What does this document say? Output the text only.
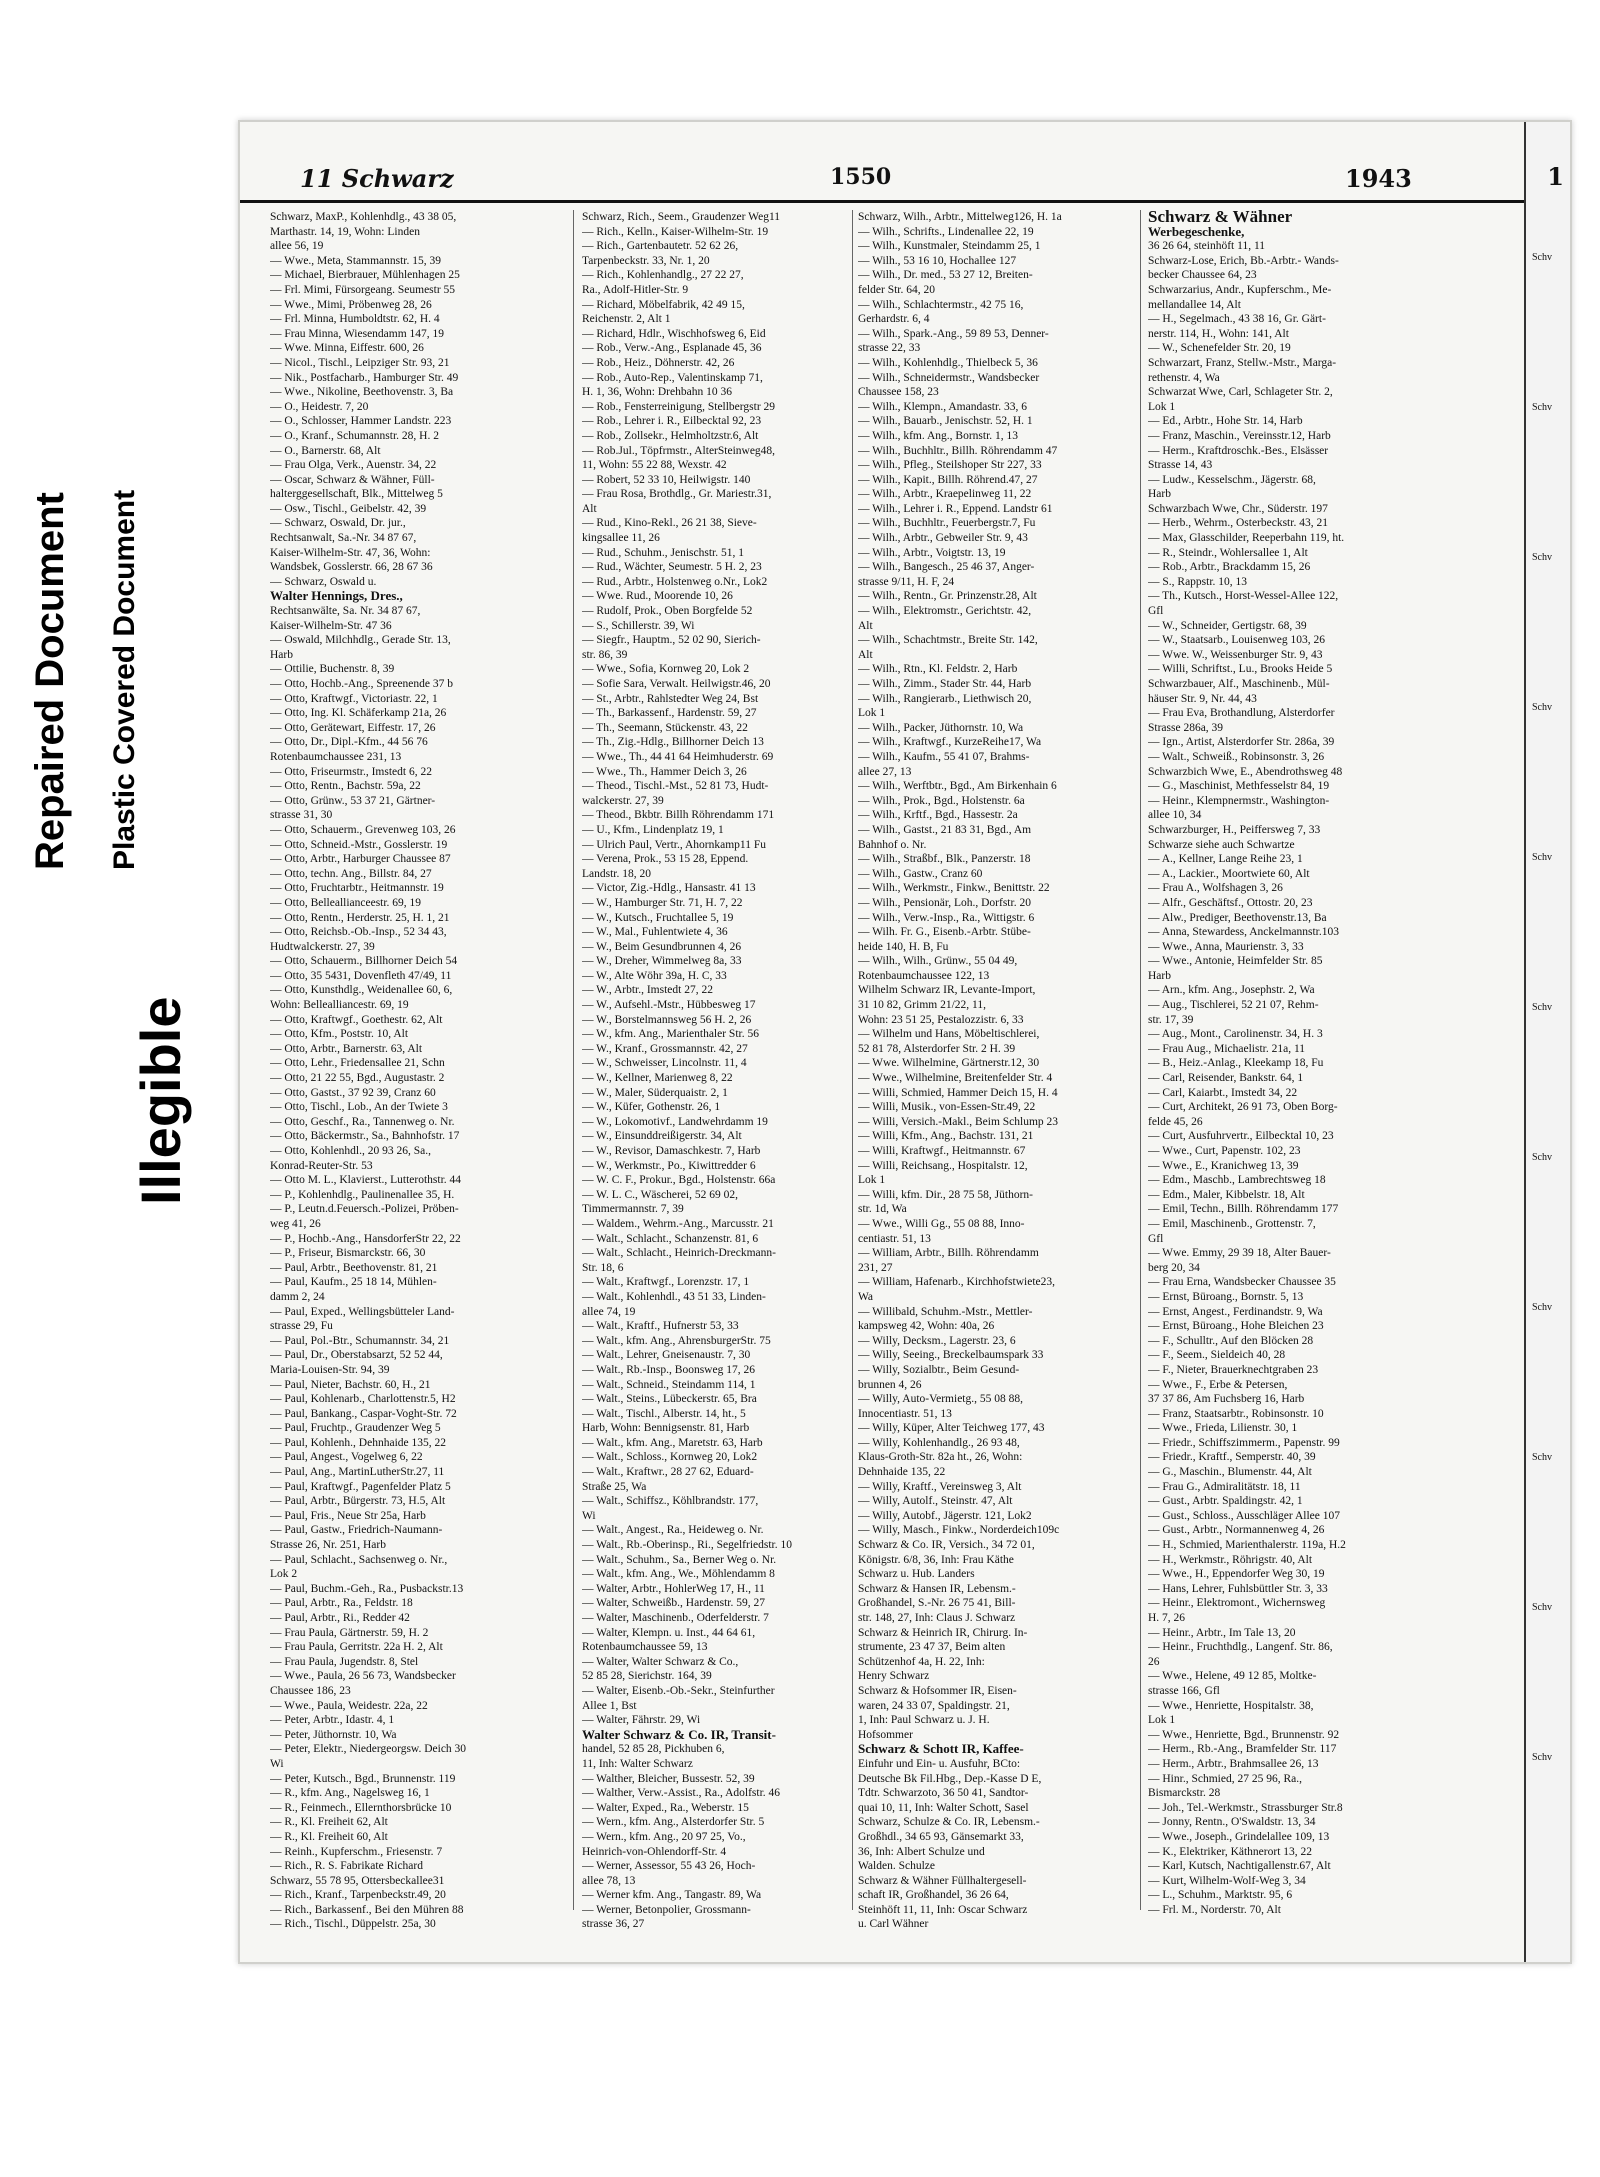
Repaired Document Plastic Covered Document
Illegible
11 Schwarz	1550	1943
Schwarz, MaxP., Kohlenhdlg., 43 38 05,
Marthastr. 14, 19, Wohn: Linden
allee 56, 19
— Wwe., Meta, Stammannstr. 15, 39
— Michael, Bierbrauer, Mühlenhagen 25
— Frl. Mimi, Fürsorgeang. Seumestr 55
— Wwe., Mimi, Pröbenweg 28, 26
— Frl. Minna, Humboldtstr. 62, H. 4
— Frau Minna, Wiesendamm 147, 19
— Wwe. Minna, Eiffestr. 600, 26
— Nicol., Tischl., Leipziger Str. 93, 21
— Nik., Postfacharb., Hamburger Str. 49
— Wwe., Nikoline, Beethovenstr. 3, Ba
— O., Heidestr. 7, 20
— O., Schlosser, Hammer Landstr. 223
— O., Kranf., Schumannstr. 28, H. 2
— O., Barnerstr. 68, Alt
— Frau Olga, Verk., Auenstr. 34, 22
— Oscar, Schwarz & Wähner, Füll-
halterggesellschaft, Blk., Mittelweg 5
— Osw., Tischl., Geibelstr. 42, 39
— Schwarz, Oswald, Dr. jur.,
Rechtsanwalt, Sa.-Nr. 34 87 67,
Kaiser-Wilhelm-Str. 47, 36, Wohn:
Wandsbek, Gosslerstr. 66, 28 67 36
— Schwarz, Oswald u.
Walter Hennings, Dres.,
Rechtsanwälte, Sa. Nr. 34 87 67,
Kaiser-Wilhelm-Str. 47 36
— Oswald, Milchhdlg., Gerade Str. 13,
Harb
— Ottilie, Buchenstr. 8, 39
— Otto, Hochb.-Ang., Spreenende 37 b
— Otto, Kraftwgf., Victoriastr. 22, 1
— Otto, Ing. Kl. Schäferkamp 21a, 26
— Otto, Gerätewart, Eiffestr. 17, 26
— Otto, Dr., Dipl.-Kfm., 44 56 76
Rotenbaumchaussee 231, 13
— Otto, Friseurmstr., Imstedt 6, 22
— Otto, Rentn., Bachstr. 59a, 22
— Otto, Grünw., 53 37 21, Gärtner-
strasse 31, 30
— Otto, Schauerm., Grevenweg 103, 26
— Otto, Schneid.-Mstr., Gosslerstr. 19
— Otto, Arbtr., Harburger Chaussee 87
— Otto, techn. Ang., Billstr. 84, 27
— Otto, Fruchtarbtr., Heitmannstr. 19
— Otto, Belleallianceestr. 69, 19
— Otto, Rentn., Herderstr. 25, H. 1, 21
— Otto, Reichsb.-Ob.-Insp., 52 34 43,
Hudtwalckerstr. 27, 39
— Otto, Schauerm., Billhorner Deich 54
— Otto, 35 5431, Dovenfleth 47/49, 11
— Otto, Kunsthdlg., Weidenallee 60, 6,
Wohn: Bellealliancestr. 69, 19
— Otto, Kraftwgf., Goethestr. 62, Alt
— Otto, Kfm., Poststr. 10, Alt
— Otto, Arbtr., Barnerstr. 63, Alt
— Otto, Lehr., Friedensallee 21, Schn
— Otto, 21 22 55, Bgd., Augustastr. 2
— Otto, Gastst., 37 92 39, Cranz 60
— Otto, Tischl., Lob., An der Twiete 3
— Otto, Geschf., Ra., Tannenweg o. Nr.
— Otto, Bäckermstr., Sa., Bahnhofstr. 17
— Otto, Kohlenhdl., 20 93 26, Sa.,
Konrad-Reuter-Str. 53
— Otto M. L., Klavierst., Lutterothstr. 44
— P., Kohlenhdlg., Paulinenallee 35, H.
— P., Leutn.d.Feuersch.-Polizei, Pröben-
weg 41, 26
— P., Hochb.-Ang., HansdorferStr 22, 22
— P., Friseur, Bismarckstr. 66, 30
— Paul, Arbtr., Beethovenstr. 81, 21
— Paul, Kaufm., 25 18 14, Mühlen-
damm 2, 24
— Paul, Exped., Wellingsbütteler Land-
strasse 29, Fu
— Paul, Pol.-Btr., Schumannstr. 34, 21
— Paul, Dr., Oberstabsarzt, 52 52 44,
Maria-Louisen-Str. 94, 39
— Paul, Nieter, Bachstr. 60, H., 21
— Paul, Kohlenarb., Charlottenstr.5, H2
— Paul, Bankang., Caspar-Voght-Str. 72
— Paul, Fruchtp., Graudenzer Weg 5
— Paul, Kohlenh., Dehnhaide 135, 22
— Paul, Angest., Vogelweg 6, 22
— Paul, Ang., MartinLutherStr.27, 11
— Paul, Kraftwgf., Pagenfelder Platz 5
— Paul, Arbtr., Bürgerstr. 73, H.5, Alt
— Paul, Fris., Neue Str 25a, Harb
— Paul, Gastw., Friedrich-Naumann-
Strasse 26, Nr. 251, Harb
— Paul, Schlacht., Sachsenweg o. Nr.,
Lok 2
— Paul, Buchm.-Geh., Ra., Pusbackstr.13
— Paul, Arbtr., Ra., Feldstr. 18
— Paul, Arbtr., Ri., Redder 42
— Frau Paula, Gärtnerstr. 59, H. 2
— Frau Paula, Gerritstr. 22a H. 2, Alt
— Frau Paula, Jugendstr. 8, Stel
— Wwe., Paula, 26 56 73, Wandsbecker
Chaussee 186, 23
— Wwe., Paula, Weidestr. 22a, 22
— Peter, Arbtr., Idastr. 4, 1
— Peter, Jüthornstr. 10, Wa
— Peter, Elektr., Niedergeorgsw. Deich 30
Wi
— Peter, Kutsch., Bgd., Brunnenstr. 119
— R., kfm. Ang., Nagelsweg 16, 1
— R., Feinmech., Ellernthorsbrücke 10
— R., Kl. Freiheit 62, Alt
— R., Kl. Freiheit 60, Alt
— Reinh., Kupferschm., Friesenstr. 7
— Rich., R. S. Fabrikate Richard
Schwarz, 55 78 95, Ottersbeckallee31
— Rich., Kranf., Tarpenbeckstr.49, 20
— Rich., Barkassenf., Bei den Mühren 88
— Rich., Tischl., Düppelstr. 25a, 30
Schwarz, Rich., Seem., Graudenzer Weg11
— Rich., Kelln., Kaiser-Wilhelm-Str. 19
— Rich., Gartenbautetr. 52 62 26,
Tarpenbeckstr. 33, Nr. 1, 20
— Rich., Kohlenhandlg., 27 22 27,
Ra., Adolf-Hitler-Str. 9
— Richard, Möbelfabrik, 42 49 15,
Reichenstr. 2, Alt 1
— Richard, Hdlr., Wischhofsweg 6, Eid
— Rob., Verw.-Ang., Esplanade 45, 36
— Rob., Heiz., Döhnerstr. 42, 26
— Rob., Auto-Rep., Valentinskamp 71,
H. 1, 36, Wohn: Drehbahn 10 36
— Rob., Fensterreinigung, Stellbergstr 29
— Rob., Lehrer i. R., Eilbecktal 92, 23
— Rob., Zollsekr., Helmholtzstr.6, Alt
— Rob.Jul., Töpfrmstr., AlterSteinweg48,
11, Wohn: 55 22 88, Wexstr. 42
— Robert, 52 33 10, Heilwigstr. 140
— Frau Rosa, Brothdlg., Gr. Mariestr.31,
Alt
— Rud., Kino-Rekl., 26 21 38, Sieve-
kingsallee 11, 26
— Rud., Schuhm., Jenischstr. 51, 1
— Rud., Wächter, Seumestr. 5 H. 2, 23
— Rud., Arbtr., Holstenweg o.Nr., Lok2
— Wwe. Rud., Moorende 10, 26
— Rudolf, Prok., Oben Borgfelde 52
— S., Schillerstr. 39, Wi
— Siegfr., Hauptm., 52 02 90, Sierich-
str. 86, 39
— Wwe., Sofia, Kornweg 20, Lok 2
— Sofie Sara, Verwalt. Heilwigstr.46, 20
— St., Arbtr., Rahlstedter Weg 24, Bst
— Th., Barkassenf., Hardenstr. 59, 27
— Th., Seemann, Stückenstr. 43, 22
— Th., Zig.-Hdlg., Billhorner Deich 13
— Wwe., Th., 44 41 64 Heimhuderstr. 69
— Wwe., Th., Hammer Deich 3, 26
— Theod., Tischl.-Mst., 52 81 73, Hudt-
walckerstr. 27, 39
— Theod., Bkbtr. Billh Röhrendamm 171
— U., Kfm., Lindenplatz 19, 1
— Ulrich Paul, Vertr., Ahornkamp11 Fu
— Verena, Prok., 53 15 28, Eppend.
Landstr. 18, 20
— Victor, Zig.-Hdlg., Hansastr. 41 13
— W., Hamburger Str. 71, H. 7, 22
— W., Kutsch., Fruchtallee 5, 19
— W., Mal., Fuhlentwiete 4, 36
— W., Beim Gesundbrunnen 4, 26
— W., Dreher, Wimmelweg 8a, 33
— W., Alte Wöhr 39a, H. C, 33
— W., Arbtr., Imstedt 27, 22
— W., Aufsehl.-Mstr., Hübbesweg 17
— W., Borstelmannsweg 56 H. 2, 26
— W., kfm. Ang., Marienthaler Str. 56
— W., Kranf., Grossmannstr. 42, 27
— W., Schweisser, Lincolnstr. 11, 4
— W., Kellner, Marienweg 8, 22
— W., Maler, Süderquaistr. 2, 1
— W., Küfer, Gothenstr. 26, 1
— W., Lokomotivf., Landwehrdamm 19
— W., Einsunddreißigerstr. 34, Alt
— W., Revisor, Damaschkestr. 7, Harb
— W., Werkmstr., Po., Kiwittredder 6
— W. C. F., Prokur., Bgd., Holstenstr. 66a
— W. L. C., Wäscherei, 52 69 02,
Timmermannstr. 7, 39
— Waldem., Wehrm.-Ang., Marcusstr. 21
— Walt., Schlacht., Schanzenstr. 81, 6
— Walt., Schlacht., Heinrich-Dreckmann-
Str. 18, 6
— Walt., Kraftwgf., Lorenzstr. 17, 1
— Walt., Kohlenhdl., 43 51 33, Linden-
allee 74, 19
— Walt., Kraftf., Hufnerstr 53, 33
— Walt., kfm. Ang., AhrensburgerStr. 75
— Walt., Lehrer, Gneisenaustr. 7, 30
— Walt., Rb.-Insp., Boonsweg 17, 26
— Walt., Schneid., Steindamm 114, 1
— Walt., Steins., Lübeckerstr. 65, Bra
— Walt., Tischl., Alberstr. 14, ht., 5
Harb, Wohn: Bennigsenstr. 81, Harb
— Walt., kfm. Ang., Maretstr. 63, Harb
— Walt., Schloss., Kornweg 20, Lok2
— Walt., Kraftwr., 28 27 62, Eduard-
Straße 25, Wa
— Walt., Schiffsz., Köhlbrandstr. 177,
Wi
— Walt., Angest., Ra., Heideweg o. Nr.
— Walt., Rb.-Oberinsp., Ri., Segelfriedstr. 10
— Walt., Schuhm., Sa., Berner Weg o. Nr.
— Walt., kfm. Ang., We., Möhlendamm 8
— Walter, Arbtr., HohlerWeg 17, H., 11
— Walter, Schweißb., Hardenstr. 59, 27
— Walter, Maschinenb., Oderfelderstr. 7
— Walter, Klempn. u. Inst., 44 64 61,
Rotenbaumchaussee 59, 13
— Walter, Walter Schwarz & Co.,
52 85 28, Sierichstr. 164, 39
— Walter, Eisenb.-Ob.-Sekr., Steinfurther
Allee 1, Bst
— Walter, Fährstr. 29, Wi
Walter Schwarz & Co. IR, Transit-
handel, 52 85 28, Pickhuben 6,
11, Inh: Walter Schwarz
— Walther, Bleicher, Bussestr. 52, 39
— Walther, Verw.-Assist., Ra., Adolfstr. 46
— Walter, Exped., Ra., Weberstr. 15
— Wern., kfm. Ang., Alsterdorfer Str. 5
— Wern., kfm. Ang., 20 97 25, Vo.,
Heinrich-von-Ohlendorff-Str. 4
— Werner, Assessor, 55 43 26, Hoch-
allee 78, 13
— Werner kfm. Ang., Tangastr. 89, Wa
— Werner, Betonpolier, Grossmann-
strasse 36, 27
Schwarz, Wilh., Arbtr., Mittelweg126, H. 1a
— Wilh., Schrifts., Lindenallee 22, 19
— Wilh., Kunstmaler, Steindamm 25, 1
— Wilh., 53 16 10, Hochallee 127
— Wilh., Dr. med., 53 27 12, Breiten-
felder Str. 64, 20
— Wilh., Schlachtermstr., 42 75 16,
Gerhardstr. 6, 4
— Wilh., Spark.-Ang., 59 89 53, Denner-
strasse 22, 33
— Wilh., Kohlenhdlg., Thielbeck 5, 36
— Wilh., Schneidermstr., Wandsbecker
Chaussee 158, 23
— Wilh., Klempn., Amandastr. 33, 6
— Wilh., Bauarb., Jenischstr. 52, H. 1
— Wilh., kfm. Ang., Bornstr. 1, 13
— Wilh., Buchhltr., Billh. Röhrendamm 47
— Wilh., Pfleg., Steilshoper Str 227, 33
— Wilh., Kapit., Billh. Röhrend.47, 27
— Wilh., Arbtr., Kraepelinweg 11, 22
— Wilh., Lehrer i. R., Eppend. Landstr 61
— Wilh., Buchhltr., Feuerbergstr.7, Fu
— Wilh., Arbtr., Gebweiler Str. 9, 43
— Wilh., Arbtr., Voigtstr. 13, 19
— Wilh., Bangesch., 25 46 37, Anger-
strasse 9/11, H. F, 24
— Wilh., Rentn., Gr. Prinzenstr.28, Alt
— Wilh., Elektromstr., Gerichtstr. 42,
Alt
— Wilh., Schachtmstr., Breite Str. 142,
Alt
— Wilh., Rtn., Kl. Feldstr. 2, Harb
— Wilh., Zimm., Stader Str. 44, Harb
— Wilh., Rangierarb., Liethwisch 20,
Lok 1
— Wilh., Packer, Jüthornstr. 10, Wa
— Wilh., Kraftwgf., KurzeReihe17, Wa
— Wilh., Kaufm., 55 41 07, Brahms-
allee 27, 13
— Wilh., Werftbtr., Bgd., Am Birkenhain 6
— Wilh., Prok., Bgd., Holstenstr. 6a
— Wilh., Krftf., Bgd., Hassestr. 2a
— Wilh., Gastst., 21 83 31, Bgd., Am
Bahnhof o. Nr.
— Wilh., Straßbf., Blk., Panzerstr. 18
— Wilh., Gastw., Cranz 60
— Wilh., Werkmstr., Finkw., Benittstr. 22
— Wilh., Pensionär, Loh., Dorfstr. 20
— Wilh., Verw.-Insp., Ra., Wittigstr. 6
— Wilh. Fr. G., Eisenb.-Arbtr. Stübe-
heide 140, H. B, Fu
— Wilh., Wilh., Grünw., 55 04 49,
Rotenbaumchaussee 122, 13
Wilhelm Schwarz IR, Levante-Import,
31 10 82, Grimm 21/22, 11,
Wohn: 23 51 25, Pestalozzistr. 6, 33
— Wilhelm und Hans, Möbeltischlerei,
52 81 78, Alsterdorfer Str. 2 H. 39
— Wwe. Wilhelmine, Gärtnerstr.12, 30
— Wwe., Wilhelmine, Breitenfelder Str. 4
— Willi, Schmied, Hammer Deich 15, H. 4
— Willi, Musik., von-Essen-Str.49, 22
— Willi, Versich.-Makl., Beim Schlump 23
— Willi, Kfm., Ang., Bachstr. 131, 21
— Willi, Kraftwgf., Heitmannstr. 67
— Willi, Reichsang., Hospitalstr. 12,
Lok 1
— Willi, kfm. Dir., 28 75 58, Jüthorn-
str. 1d, Wa
— Wwe., Willi Gg., 55 08 88, Inno-
centiastr. 51, 13
— William, Arbtr., Billh. Röhrendamm
231, 27
— William, Hafenarb., Kirchhofstwiete23,
Wa
— Willibald, Schuhm.-Mstr., Mettler-
kampsweg 42, Wohn: 40a, 26
— Willy, Decksm., Lagerstr. 23, 6
— Willy, Seeing., Breckelbaumspark 33
— Willy, Sozialbtr., Beim Gesund-
brunnen 4, 26
— Willy, Auto-Vermietg., 55 08 88,
Innocentiastr. 51, 13
— Willy, Küper, Alter Teichweg 177, 43
— Willy, Kohlenhandlg., 26 93 48,
Klaus-Groth-Str. 82a ht., 26, Wohn:
Dehnhaide 135, 22
— Willy, Kraftf., Vereinsweg 3, Alt
— Willy, Autolf., Steinstr. 47, Alt
— Willy, Autobf., Jägerstr. 121, Lok2
— Willy, Masch., Finkw., Norderdeich109c
Schwarz & Co. IR, Versich., 34 72 01,
Königstr. 6/8, 36, Inh: Frau Käthe
Schwarz u. Hub. Landers
Schwarz & Hansen IR, Lebensm.-
Großhandel, S.-Nr. 26 75 41, Bill-
str. 148, 27, Inh: Claus J. Schwarz
Schwarz & Heinrich IR, Chirurg. In-
strumente, 23 47 37, Beim alten
Schützenhof 4a, H. 22, Inh:
Henry Schwarz
Schwarz & Hofsommer IR, Eisen-
waren, 24 33 07, Spaldingstr. 21,
1, Inh: Paul Schwarz u. J. H.
Hofsommer
Schwarz & Schott IR, Kaffee-
Einfuhr und Ein- u. Ausfuhr, BCto:
Deutsche Bk Fil.Hbg., Dep.-Kasse D E,
Tdtr. Schwarzoto, 36 50 41, Sandtor-
quai 10, 11, Inh: Walter Schott, Sasel
Schwarz, Schulze & Co. IR, Lebensm.-
Großhdl., 34 65 93, Gänsemarkt 33,
36, Inh: Albert Schulze und
Walden. Schulze
Schwarz & Wähner Füllhaltergesell-
schaft IR, Großhandel, 36 26 64,
Steinhöft 11, 11, Inh: Oscar Schwarz
u. Carl Wähner
Schwarz & Wähner
Werbegeschenke,
36 26 64, steinhöft 11, 11
Schwarz-Lose, Erich, Bb.-Arbtr.- Wands-
becker Chaussee 64, 23
Schwarzarius, Andr., Kupferschm., Me-
mellandallee 14, Alt
— H., Segelmach., 43 38 16, Gr. Gärt-
nerstr. 114, H., Wohn: 141, Alt
— W., Schenefelder Str. 20, 19
Schwarzart, Franz, Stellw.-Mstr., Marga-
rethenstr. 4, Wa
Schwarzat Wwe, Carl, Schlageter Str. 2,
Lok 1
— Ed., Arbtr., Hohe Str. 14, Harb
— Franz, Maschin., Vereinsstr.12, Harb
— Herm., Kraftdroschk.-Bes., Elsässer
Strasse 14, 43
— Ludw., Kesselschm., Jägerstr. 68,
Harb
Schwarzbach Wwe, Chr., Süderstr. 197
— Herb., Wehrm., Osterbeckstr. 43, 21
— Max, Glasschilder, Reeperbahn 119, ht.
— R., Steindr., Wohlersallee 1, Alt
— Rob., Arbtr., Brackdamm 15, 26
— S., Rappstr. 10, 13
— Th., Kutsch., Horst-Wessel-Allee 122,
Gfl
— W., Schneider, Gertigstr. 68, 39
— W., Staatsarb., Louisenweg 103, 26
— Wwe. W., Weissenburger Str. 9, 43
— Willi, Schriftst., Lu., Brooks Heide 5
Schwarzbauer, Alf., Maschinenb., Mül-
häuser Str. 9, Nr. 44, 43
— Frau Eva, Brothandlung, Alsterdorfer
Strasse 286a, 39
— Ign., Artist, Alsterdorfer Str. 286a, 39
— Walt., Schweiß., Robinsonstr. 3, 26
Schwarzbich Wwe, E., Abendrothsweg 48
— G., Maschinist, Methfesselstr 84, 19
— Heinr., Klempnermstr., Washington-
allee 10, 34
Schwarzburger, H., Peiffersweg 7, 33
Schwarze siehe auch Schwartze
— A., Kellner, Lange Reihe 23, 1
— A., Lackier., Moortwiete 60, Alt
— Frau A., Wolfshagen 3, 26
— Alfr., Geschäftsf., Ottostr. 20, 23
— Alw., Prediger, Beethovenstr.13, Ba
— Anna, Stewardess, Anckelmannstr.103
— Wwe., Anna, Maurienstr. 3, 33
— Wwe., Antonie, Heimfelder Str. 85
Harb
— Arn., kfm. Ang., Josephstr. 2, Wa
— Aug., Tischlerei, 52 21 07, Rehm-
str. 17, 39
— Aug., Mont., Carolinenstr. 34, H. 3
— Frau Aug., Michaelistr. 21a, 11
— B., Heiz.-Anlag., Kleekamp 18, Fu
— Carl, Reisender, Bankstr. 64, 1
— Carl, Kaiarbt., Imstedt 34, 22
— Curt, Architekt, 26 91 73, Oben Borg-
felde 45, 26
— Curt, Ausfuhrvertr., Eilbecktal 10, 23
— Wwe., Curt, Papenstr. 102, 23
— Wwe., E., Kranichweg 13, 39
— Edm., Maschb., Lambrechtsweg 18
— Edm., Maler, Kibbelstr. 18, Alt
— Emil, Techn., Billh. Röhrendamm 177
— Emil, Maschinenb., Grottenstr. 7,
Gfl
— Wwe. Emmy, 29 39 18, Alter Bauer-
berg 20, 34
— Frau Erna, Wandsbecker Chaussee 35
— Ernst, Büroang., Bornstr. 5, 13
— Ernst, Angest., Ferdinandstr. 9, Wa
— Ernst, Büroang., Hohe Bleichen 23
— F., Schulltr., Auf den Blöcken 28
— F., Seem., Sieldeich 40, 28
— F., Nieter, Brauerknechtgraben 23
— Wwe., F., Erbe & Petersen,
37 37 86, Am Fuchsberg 16, Harb
— Franz, Staatsarbtr., Robinsonstr. 10
— Wwe., Frieda, Lilienstr. 30, 1
— Friedr., Schiffszimmerm., Papenstr. 99
— Friedr., Kraftf., Semperstr. 40, 39
— G., Maschin., Blumenstr. 44, Alt
— Frau G., Admiralitätstr. 18, 11
— Gust., Arbtr. Spaldingstr. 42, 1
— Gust., Schloss., Ausschläger Allee 107
— Gust., Arbtr., Normannenweg 4, 26
— H., Schmied, Marienthalerstr. 119a, H.2
— H., Werkmstr., Röhrigstr. 40, Alt
— Wwe., H., Eppendorfer Weg 30, 19
— Hans, Lehrer, Fuhlsbüttler Str. 3, 33
— Heinr., Elektromont., Wichernsweg
H. 7, 26
— Heinr., Arbtr., Im Tale 13, 20
— Heinr., Fruchthdlg., Langenf. Str. 86,
26
— Wwe., Helene, 49 12 85, Moltke-
strasse 166, Gfl
— Wwe., Henriette, Hospitalstr. 38,
Lok 1
— Wwe., Henriette, Bgd., Brunnenstr. 92
— Herm., Rb.-Ang., Bramfelder Str. 117
— Herm., Arbtr., Brahmsallee 26, 13
— Hinr., Schmied, 27 25 96, Ra.,
Bismarckstr. 28
— Joh., Tel.-Werkmstr., Strassburger Str.8
— Jonny, Rentn., O'Swaldstr. 13, 34
— Wwe., Joseph., Grindelallee 109, 13
— K., Elektriker, Käthnerort 13, 22
— Karl, Kutsch, Nachtigallenstr.67, Alt
— Kurt, Wilhelm-Wolf-Weg 3, 34
— L., Schuhm., Marktstr. 95, 6
— Frl. M., Norderstr. 70, Alt
1
Schv
Schv
Schv
Schv
Schv
Schv
Schv
Schv
Schv
Schv
Schv
